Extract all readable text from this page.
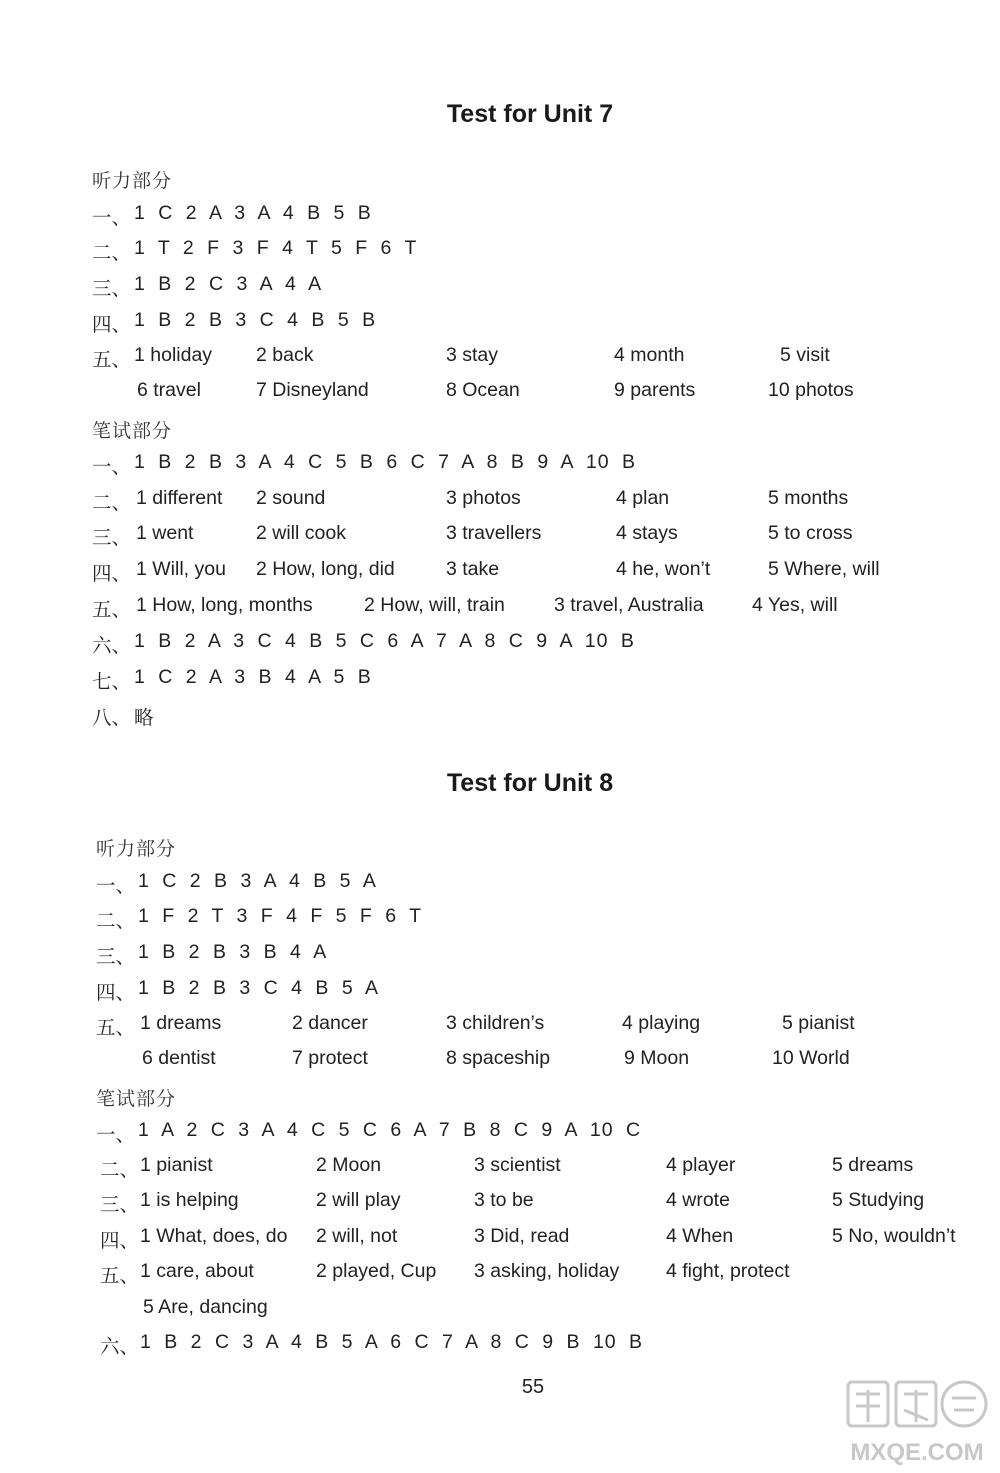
Test for Unit 7
听力部分
一、 1 C 2 A 3 A 4 B 5 B
二、 1 T 2 F 3 F 4 T 5 F 6 T
三、 1 B 2 C 3 A 4 A
四、 1 B 2 B 3 C 4 B 5 B
五、 1 holiday 2 back	3 stay	4 month	5 visit
6 travel	7 Disneyland	8 Ocean	9 parents	10 photos
笔试部分
一、 1 B 2 B 3 A 4 C 5 B 6 C 7 A 8 B 9 A 10 B
二、 1 different 2 sound	3 photos	4 plan	5 months
三、 1 went	2 will cook	3 travellers	4 stays	5 to cross
四、 1 Will, you 2 How, long, did	3 take	4 he, won’t	5 Where, will
五、 1 How, long, months	2 How, will, train	3 travel, Australia 4 Yes, will
六、 1 B 2 A 3 C 4 B 5 C 6 A 7 A 8 C 9 A 10 B
七、 1 C 2 A 3 B 4 A 5 B
八、 略
Test for Unit 8
听力部分
一、 1 C 2 B 3 A 4 B 5 A
二、 1 F 2 T 3 F 4 F 5 F 6 T
三、 1 B 2 B 3 B 4 A
四、 1 B 2 B 3 C 4 B 5 A
五、 1 dreams	2 dancer	3 children’s	4 playing	5 pianist
6 dentist	7 protect	8 spaceship	9 Moon	10 World
笔试部分
一、 1 A 2 C 3 A 4 C 5 C 6 A 7 B 8 C 9 A 10 C
二、 1 pianist	2 Moon	3 scientist	4 player	5 dreams
三、 1 is helping	2 will play	3 to be	4 wrote	5 Studying
四、 1 What, does, do 2 will, not	3 Did, read	4 When	5 No, wouldn’t
五、 1 care, about	2 played, Cup 3 asking, holiday 4 fight, protect
5 Are, dancing
六、 1 B 2 C 3 A 4 B 5 A 6 C 7 A 8 C 9 B 10 B
55
MXQE.COM
